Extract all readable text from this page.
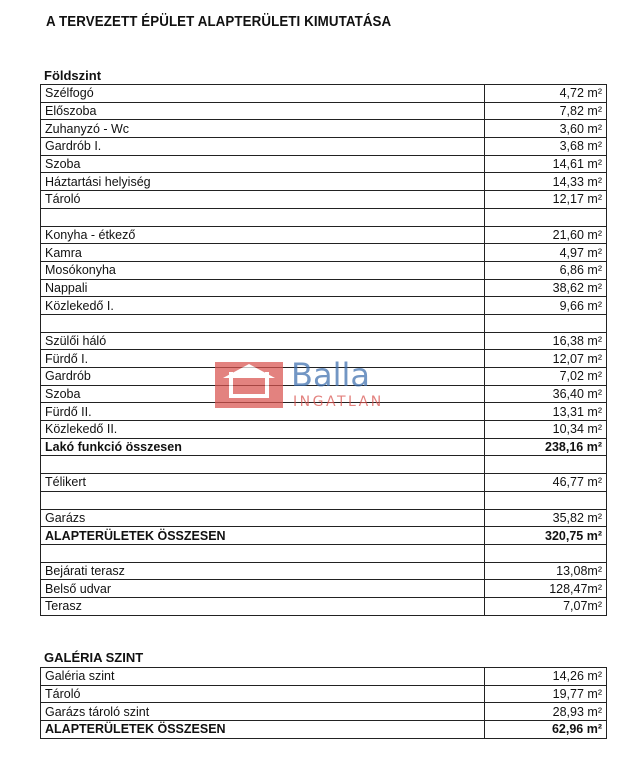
A TERVEZETT ÉPÜLET ALAPTERÜLETI KIMUTATÁSA
Földszint
Szélfogó	4,72 m²
Előszoba	7,82 m²
Zuhanyzó - Wc	3,60 m²
Gardrób I.	3,68 m²
Szoba	14,61 m²
Háztartási helyiség	14,33 m²
Tároló	12,17 m²

Konyha - étkező	21,60 m²
Kamra	4,97 m²
Mosókonyha	6,86 m²
Nappali	38,62 m²
Közlekedő I.	9,66 m²

Szülői háló	16,38 m²
Fürdő I.	12,07 m²
Gardrób	7,02 m²
Szoba	36,40 m²
Fürdő II.	13,31 m²
Közlekedő II.	10,34 m²
Lakó funkció összesen	238,16 m²

Télikert	46,77 m²

Garázs	35,82 m²
ALAPTERÜLETEK ÖSSZESEN	320,75 m²

Bejárati terasz	13,08m²
Belső udvar	128,47m²
Terasz	7,07m²
GALÉRIA SZINT
Galéria szint	14,26 m²
Tároló	19,77 m²
Garázs tároló szint	28,93 m²
ALAPTERÜLETEK ÖSSZESEN	62,96 m²
Balla
INGATLAN
